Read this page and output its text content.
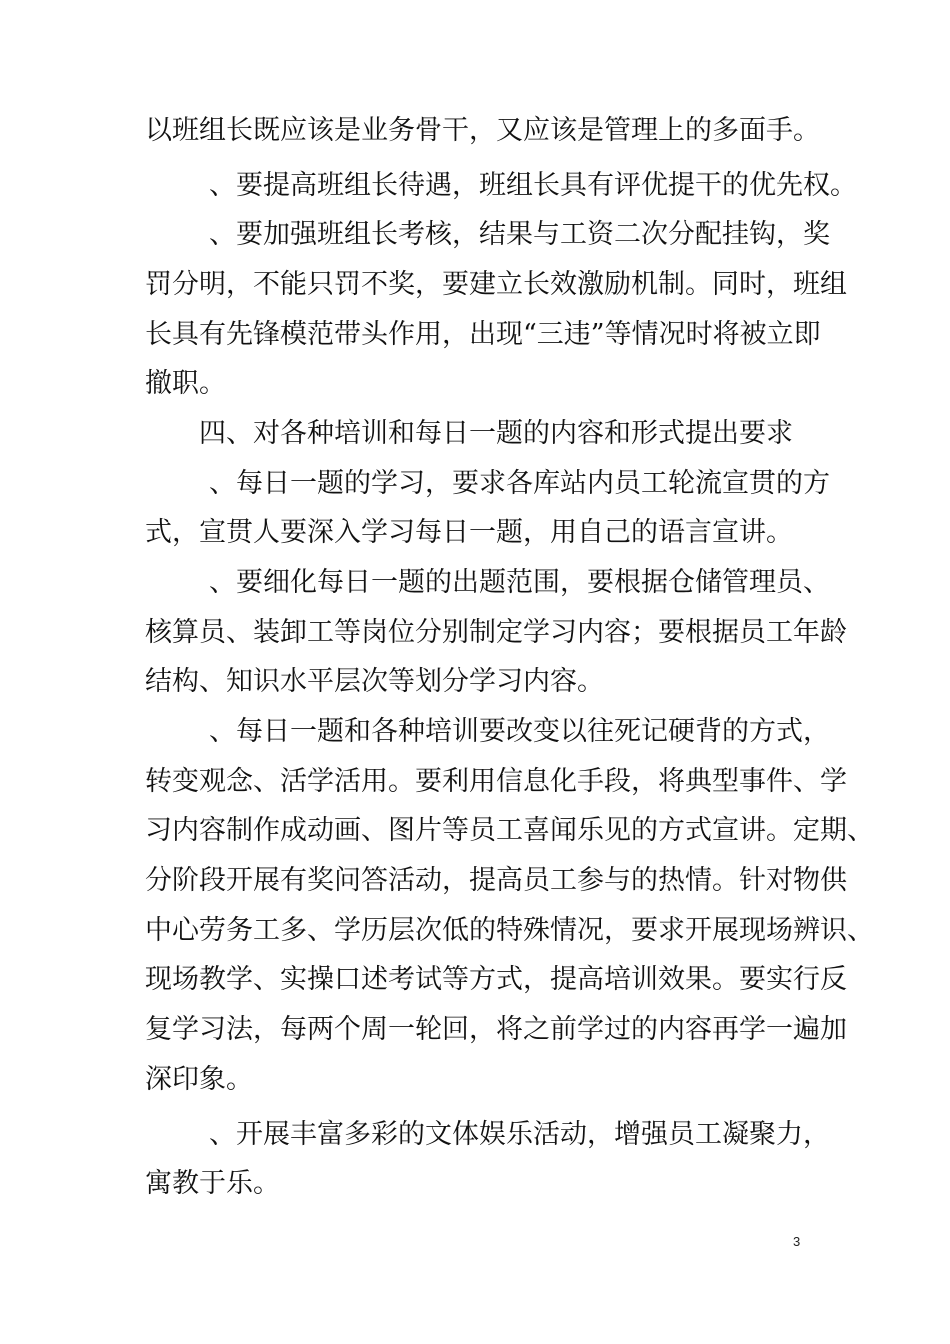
以班组长既应该是业务骨干，又应该是管理上的多面手。
、要提高班组长待遇，班组长具有评优提干的优先权。
、要加强班组长考核，结果与工资二次分配挂钩，奖
罚分明，不能只罚不奖，要建立长效激励机制。同时，班组
长具有先锋模范带头作用，出现“三违”等情况时将被立即
撤职。
四、对各种培训和每日一题的内容和形式提出要求
、每日一题的学习，要求各库站内员工轮流宣贯的方
式，宣贯人要深入学习每日一题，用自己的语言宣讲。
、要细化每日一题的出题范围，要根据仓储管理员、
核算员、装卸工等岗位分别制定学习内容；要根据员工年龄
结构、知识水平层次等划分学习内容。
、每日一题和各种培训要改变以往死记硬背的方式，
转变观念、活学活用。要利用信息化手段，将典型事件、学
习内容制作成动画、图片等员工喜闻乐见的方式宣讲。定期、
分阶段开展有奖问答活动，提高员工参与的热情。针对物供
中心劳务工多、学历层次低的特殊情况，要求开展现场辨识、
现场教学、实操口述考试等方式，提高培训效果。要实行反
复学习法，每两个周一轮回，将之前学过的内容再学一遍加
深印象。
、开展丰富多彩的文体娱乐活动，增强员工凝聚力，
寓教于乐。
3
